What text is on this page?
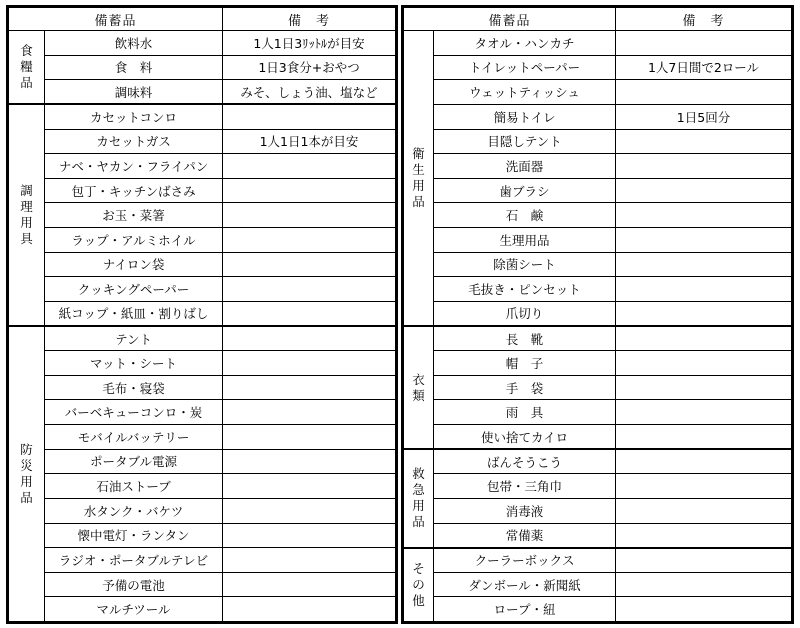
備蓄品		備　考
食糧品	飲料水	1人1日3ﾘｯﾄﾙが目安
	食　料	1日3食分+おやつ
	調味料	みそ、しょう油、塩など
調理用具	カセットコンロ	
	カセットガス	1人1日1本が目安
	ナベ・ヤカン・フライパン	
	包丁・キッチンばさみ	
	お玉・菜箸	
	ラップ・アルミホイル	
	ナイロン袋	
	クッキングペーパー	
	紙コップ・紙皿・割りばし	
防災用品	テント	
	マット・シート	
	毛布・寝袋	
	バーベキューコンロ・炭	
	モバイルバッテリー	
	ポータブル電源	
	石油ストーブ	
	水タンク・バケツ	
	懐中電灯・ランタン	
	ラジオ・ポータブルテレビ	
	予備の電池	
	マルチツール	
備蓄品		備　考
衛生用品	タオル・ハンカチ	
	トイレットペーパー	1人7日間で2ロール
	ウェットティッシュ	
	簡易トイレ	1日5回分
	目隠しテント	
	洗面器	
	歯ブラシ	
	石　鹸	
	生理用品	
	除菌シート	
	毛抜き・ピンセット	
	爪切り	
衣類	長　靴	
	帽　子	
	手　袋	
	雨　具	
	使い捨てカイロ	
救急用品	ばんそうこう	
	包帯・三角巾	
	消毒液	
	常備薬	
その他	クーラーボックス	
	ダンボール・新聞紙	
	ロープ・紐	
